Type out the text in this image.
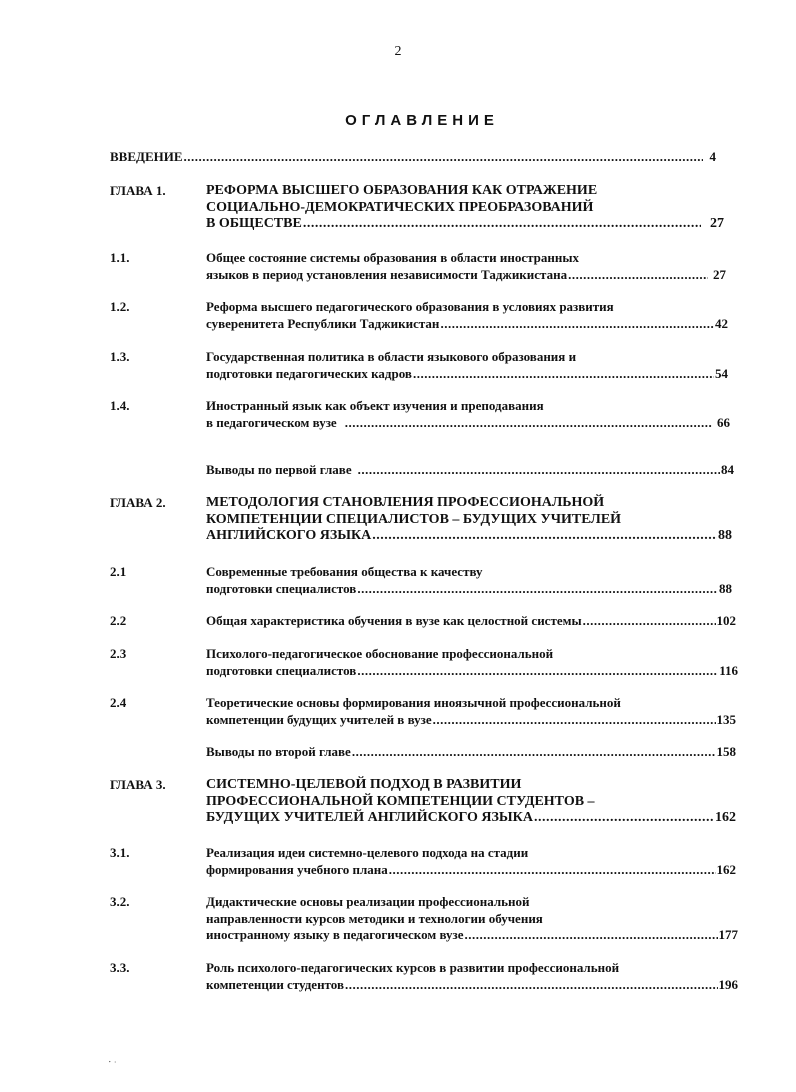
2
ОГЛАВЛЕНИЕ
ВВЕДЕНИЕ .....	4
ГЛАВА 1.	РЕФОРМА ВЫСШЕГО ОБРАЗОВАНИЯ КАК ОТРАЖЕНИЕ
СОЦИАЛЬНО-ДЕМОКРАТИЧЕСКИХ ПРЕОБРАЗОВАНИЙ
В ОБЩЕСТВЕ .....	27
1.1.	Общее состояние системы образования в области иностранных
языков в период установления независимости Таджикистана .....	27
1.2.	Реформа высшего педагогического образования в условиях развития
суверенитета Республики Таджикистан .....	42
1.3.	Государственная политика в области языкового образования и
подготовки педагогических кадров .....	54
1.4.	Иностранный язык как объект изучения и преподавания
в педагогическом вузе .....	66
Выводы по первой главе .....	84
ГЛАВА 2.	МЕТОДОЛОГИЯ СТАНОВЛЕНИЯ ПРОФЕССИОНАЛЬНОЙ
КОМПЕТЕНЦИИ СПЕЦИАЛИСТОВ – БУДУЩИХ УЧИТЕЛЕЙ
АНГЛИЙСКОГО ЯЗЫКА .....	88
2.1	Современные требования общества к качеству
подготовки специалистов .....	88
2.2	Общая характеристика обучения в вузе как целостной системы .....	102
2.3	Психолого-педагогическое обоснование профессиональной
подготовки специалистов .....	116
2.4	Теоретические основы формирования иноязычной профессиональной
компетенции будущих учителей в вузе .....	135
Выводы по второй главе .....	158
ГЛАВА 3.	СИСТЕМНО-ЦЕЛЕВОЙ ПОДХОД В РАЗВИТИИ
ПРОФЕССИОНАЛЬНОЙ КОМПЕТЕНЦИИ СТУДЕНТОВ –
БУДУЩИХ УЧИТЕЛЕЙ АНГЛИЙСКОГО ЯЗЫКА .....	162
3.1.	Реализация идеи системно-целевого подхода на стадии
формирования учебного плана .....	162
3.2.	Дидактические основы реализации профессиональной
направленности курсов методики и технологии обучения
иностранному языку в педагогическом вузе .....	177
3.3.	Роль психолого-педагогических курсов в развитии профессиональной
компетенции студентов .....	196
⠂·
